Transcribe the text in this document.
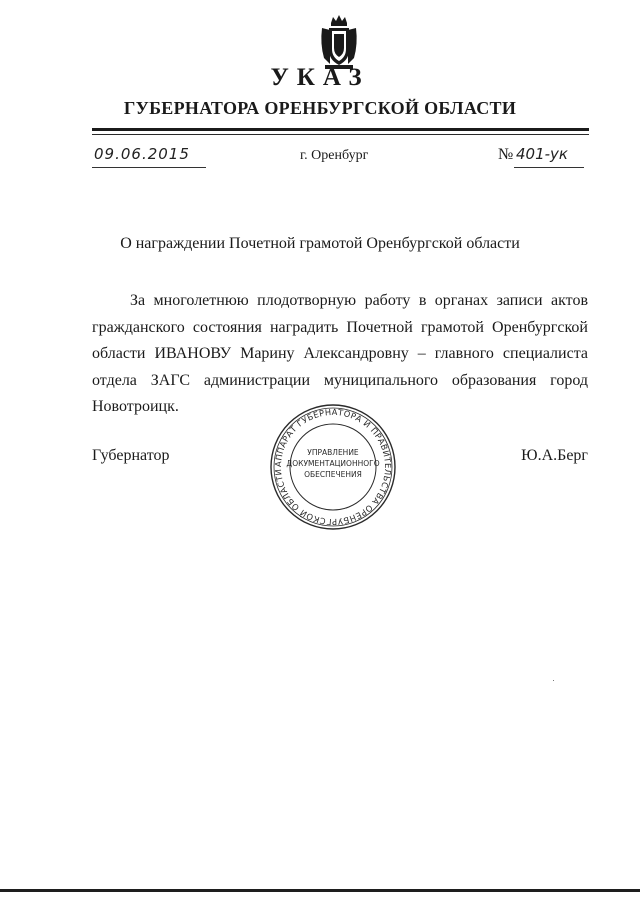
УКАЗ
ГУБЕРНАТОРА ОРЕНБУРГСКОЙ ОБЛАСТИ
09.06.2015	г. Оренбург	№ 401-ук
О награждении Почетной грамотой Оренбургской области

За многолетнюю плодотворную работу в органах записи актов гражданского состояния наградить Почетной грамотой Оренбургской области ИВАНОВУ Марину Александровну – главного специалиста отдела ЗАГС администрации муниципального образования город Новотроицк.

Губернатор	АППАРАТ ГУБЕРНАТОРА И ПРАВИТЕЛЬСТВА ОРЕНБУРГСКОЙ ОБЛАСТИ
УПРАВЛЕНИЕ
ДОКУМЕНТАЦИОННОГО
ОБЕСПЕЧЕНИЯ
Ю.А.Берг
